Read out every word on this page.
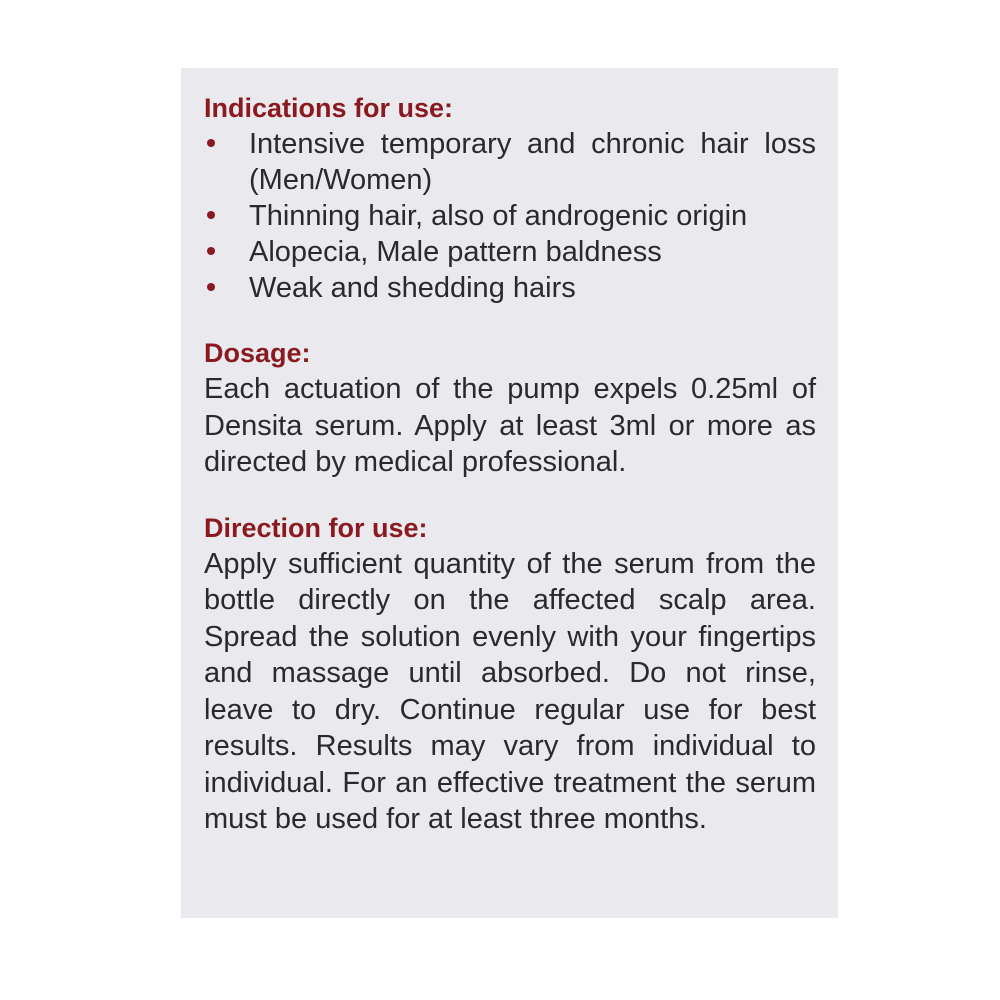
Indications for use:
Intensive temporary and chronic hair loss (Men/Women)
Thinning hair, also of androgenic origin
Alopecia, Male pattern baldness
Weak and shedding hairs
Dosage:

Each actuation of the pump expels 0.25ml of Densita serum. Apply at least 3ml or more as directed by medical professional.

Direction for use:

Apply sufficient quantity of the serum from the bottle directly on the affected scalp area. Spread the solution evenly with your fingertips and massage until absorbed. Do not rinse, leave to dry. Continue regular use for best results. Results may vary from individual to individual. For an effective treatment the serum must be used for at least three months.
